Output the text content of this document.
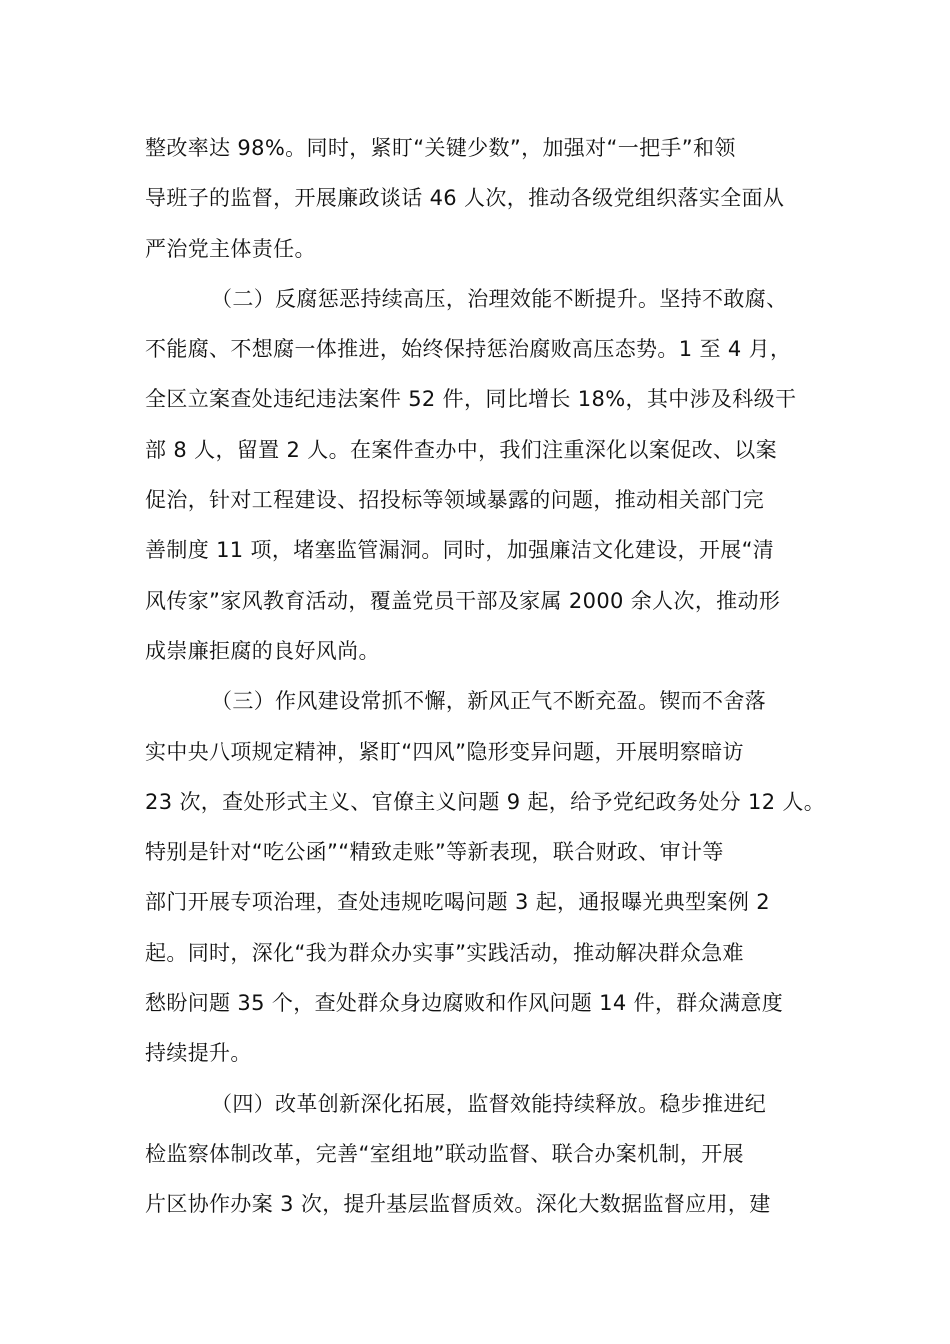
整改率达 98%。同时，紧盯“关键少数”，加强对“一把手”和领
导班子的监督，开展廉政谈话 46 人次，推动各级党组织落实全面从
严治党主体责任。
（二）反腐惩恶持续高压，治理效能不断提升。坚持不敢腐、
不能腐、不想腐一体推进，始终保持惩治腐败高压态势。1 至 4 月，
全区立案查处违纪违法案件 52 件，同比增长 18%，其中涉及科级干
部 8 人，留置 2 人。在案件查办中，我们注重深化以案促改、以案
促治，针对工程建设、招投标等领域暴露的问题，推动相关部门完
善制度 11 项，堵塞监管漏洞。同时，加强廉洁文化建设，开展“清
风传家”家风教育活动，覆盖党员干部及家属 2000 余人次，推动形
成崇廉拒腐的良好风尚。
（三）作风建设常抓不懈，新风正气不断充盈。锲而不舍落
实中央八项规定精神，紧盯“四风”隐形变异问题，开展明察暗访
23 次，查处形式主义、官僚主义问题 9 起，给予党纪政务处分 12 人。
特别是针对“吃公函”“精致走账”等新表现，联合财政、审计等
部门开展专项治理，查处违规吃喝问题 3 起，通报曝光典型案例 2
起。同时，深化“我为群众办实事”实践活动，推动解决群众急难
愁盼问题 35 个，查处群众身边腐败和作风问题 14 件，群众满意度
持续提升。
（四）改革创新深化拓展，监督效能持续释放。稳步推进纪
检监察体制改革，完善“室组地”联动监督、联合办案机制，开展
片区协作办案 3 次，提升基层监督质效。深化大数据监督应用，建
